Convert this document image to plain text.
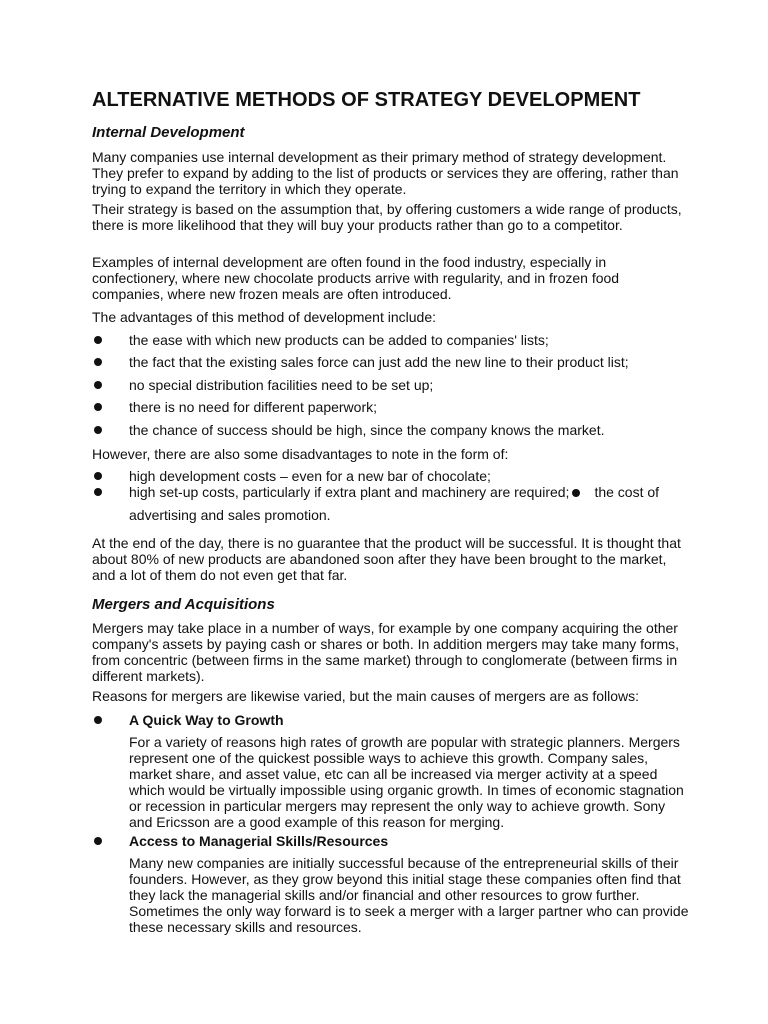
ALTERNATIVE METHODS OF STRATEGY DEVELOPMENT
Internal Development

Many companies use internal development as their primary method of strategy development. They prefer to expand by adding to the list of products or services they are offering, rather than trying to expand the territory in which they operate.

Their strategy is based on the assumption that, by offering customers a wide range of products, there is more likelihood that they will buy your products rather than go to a competitor.

Examples of internal development are often found in the food industry, especially in confectionery, where new chocolate products arrive with regularity, and in frozen food companies, where new frozen meals are often introduced.

The advantages of this method of development include:

the ease with which new products can be added to companies' lists;
the fact that the existing sales force can just add the new line to their product list;
no special distribution facilities need to be set up;
there is no need for different paperwork;
the chance of success should be high, since the company knows the market.

However, there are also some disadvantages to note in the form of:

high development costs – even for a new bar of chocolate;
high set-up costs, particularly if extra plant and machinery are required; the cost of

advertising and sales promotion.

At the end of the day, there is no guarantee that the product will be successful. It is thought that about 80% of new products are abandoned soon after they have been brought to the market, and a lot of them do not even get that far.

Mergers and Acquisitions

Mergers may take place in a number of ways, for example by one company acquiring the other company's assets by paying cash or shares or both. In addition mergers may take many forms, from concentric (between firms in the same market) through to conglomerate (between firms in different markets).

Reasons for mergers are likewise varied, but the main causes of mergers are as follows:

A Quick Way to Growth

For a variety of reasons high rates of growth are popular with strategic planners. Mergers represent one of the quickest possible ways to achieve this growth. Company sales, market share, and asset value, etc can all be increased via merger activity at a speed which would be virtually impossible using organic growth. In times of economic stagnation or recession in particular mergers may represent the only way to achieve growth. Sony and Ericsson are a good example of this reason for merging.

Access to Managerial Skills/Resources

Many new companies are initially successful because of the entrepreneurial skills of their founders. However, as they grow beyond this initial stage these companies often find that they lack the managerial skills and/or financial and other resources to grow further. Sometimes the only way forward is to seek a merger with a larger partner who can provide these necessary skills and resources.
